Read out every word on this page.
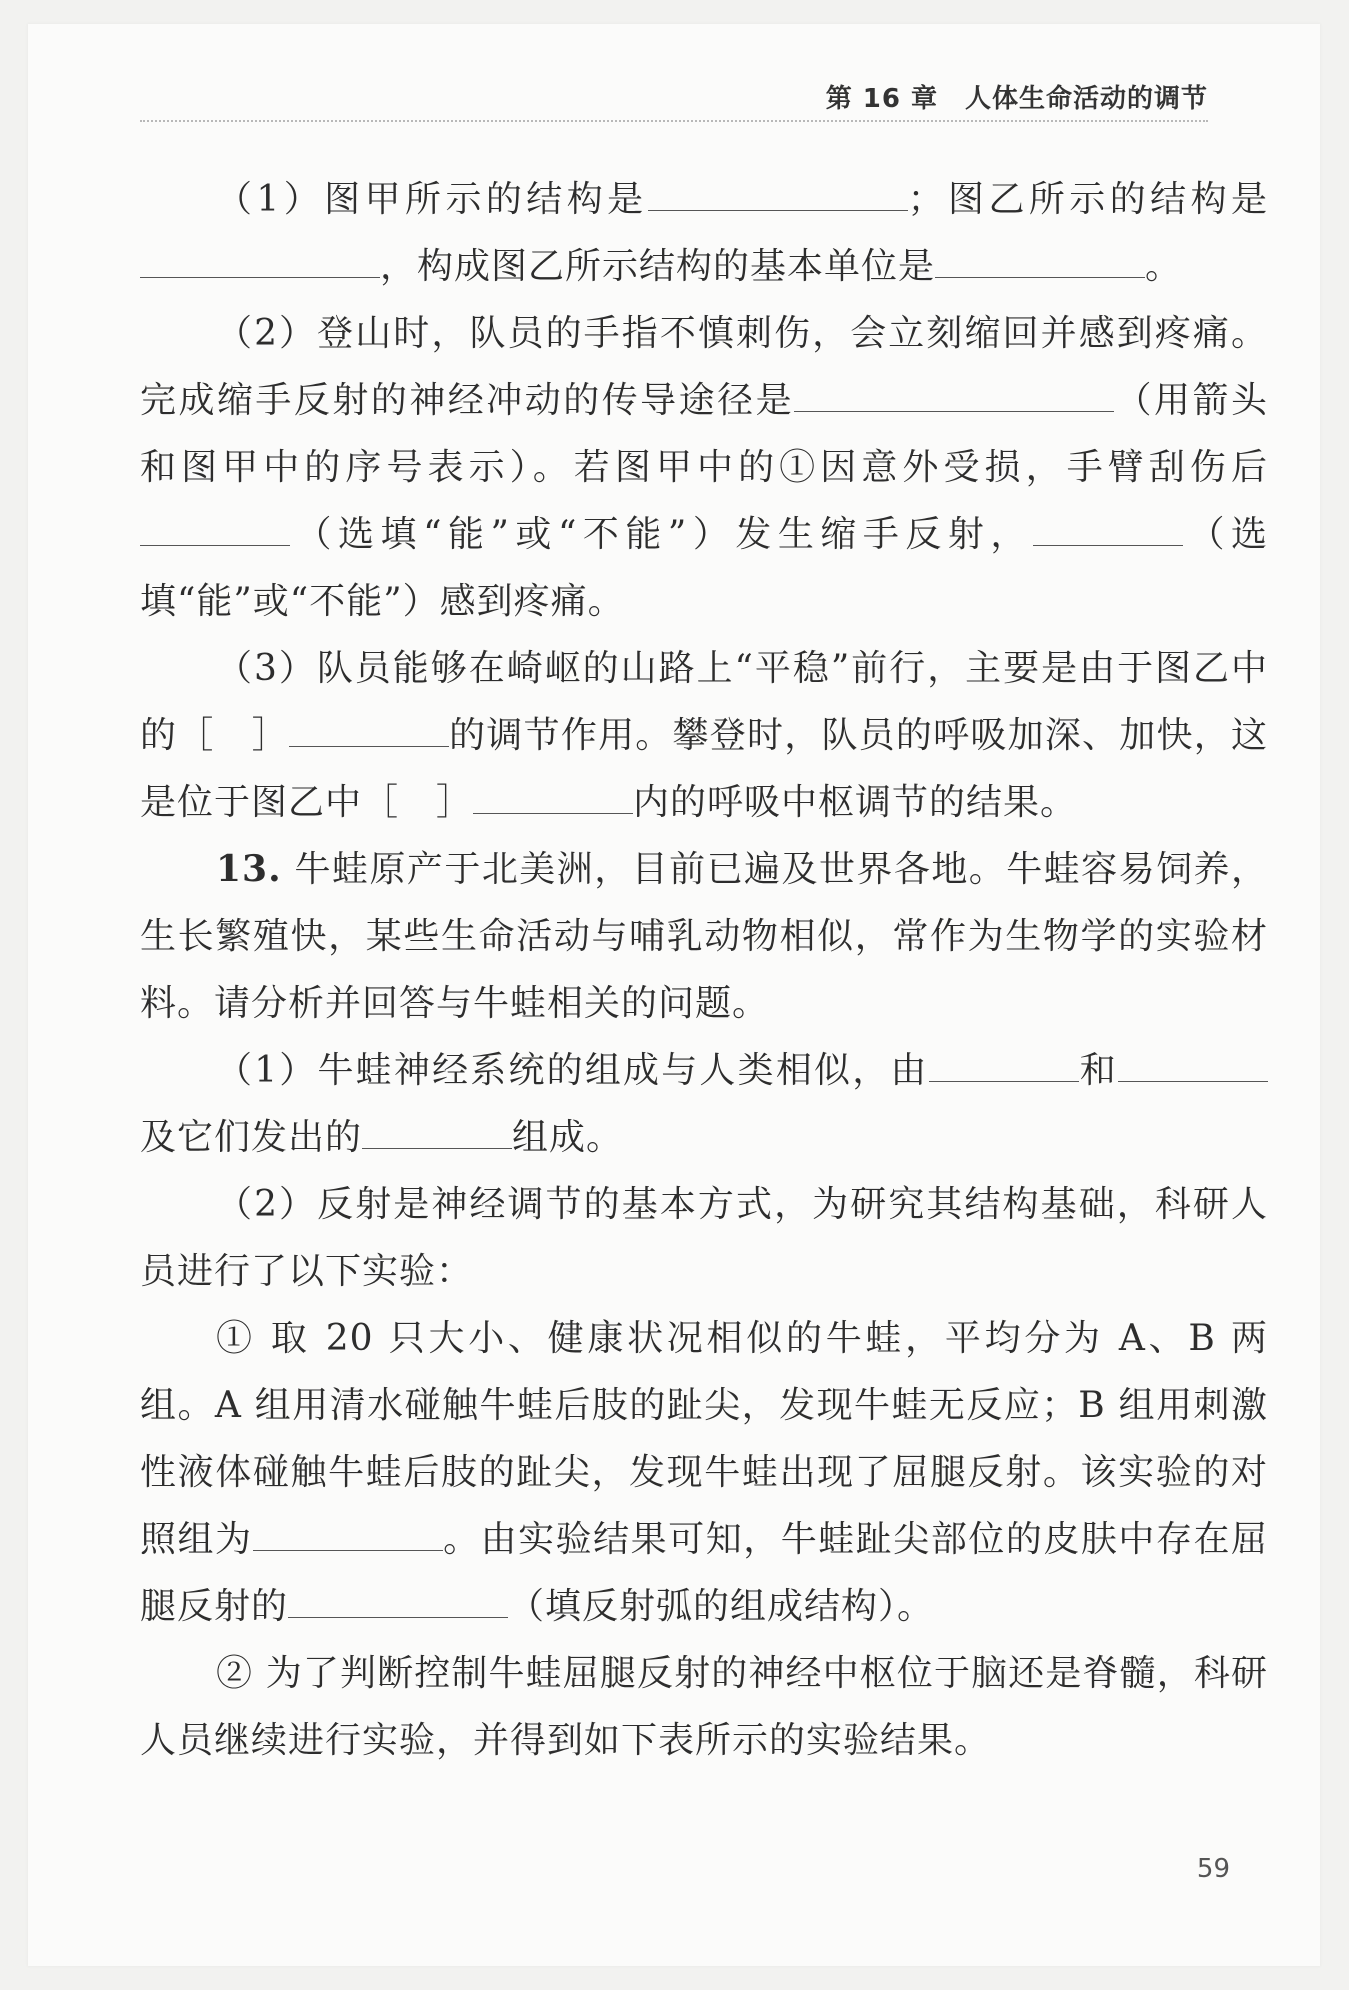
第 16 章　人体生命活动的调节

（1）图甲所示的结构是	；图乙所示的结构是，构成图乙所示结构的基本单位是	。

（2）登山时，队员的手指不慎刺伤，会立刻缩回并感到疼痛。完成缩手反射的神经冲动的传导途径是	（用箭头和图甲中的序号表示）。若图甲中的①因意外受损，手臂刮伤后（选填“能”或“不能”）发生缩手反射，	（选填“能”或“不能”）感到疼痛。

（3）队员能够在崎岖的山路上“平稳”前行，主要是由于图乙中的［　］	的调节作用。攀登时，队员的呼吸加深、加快，这是位于图乙中［　］	内的呼吸中枢调节的结果。

13. 牛蛙原产于北美洲，目前已遍及世界各地。牛蛙容易饲养，生长繁殖快，某些生命活动与哺乳动物相似，常作为生物学的实验材料。请分析并回答与牛蛙相关的问题。

（1）牛蛙神经系统的组成与人类相似，由	和及它们发出的	组成。

（2）反射是神经调节的基本方式，为研究其结构基础，科研人员进行了以下实验：

① 取 20 只大小、健康状况相似的牛蛙，平均分为 A、B 两组。A 组用清水碰触牛蛙后肢的趾尖，发现牛蛙无反应；B 组用刺激性液体碰触牛蛙后肢的趾尖，发现牛蛙出现了屈腿反射。该实验的对照组为	。由实验结果可知，牛蛙趾尖部位的皮肤中存在屈腿反射的	（填反射弧的组成结构）。

② 为了判断控制牛蛙屈腿反射的神经中枢位于脑还是脊髓，科研人员继续进行实验，并得到如下表所示的实验结果。

59
